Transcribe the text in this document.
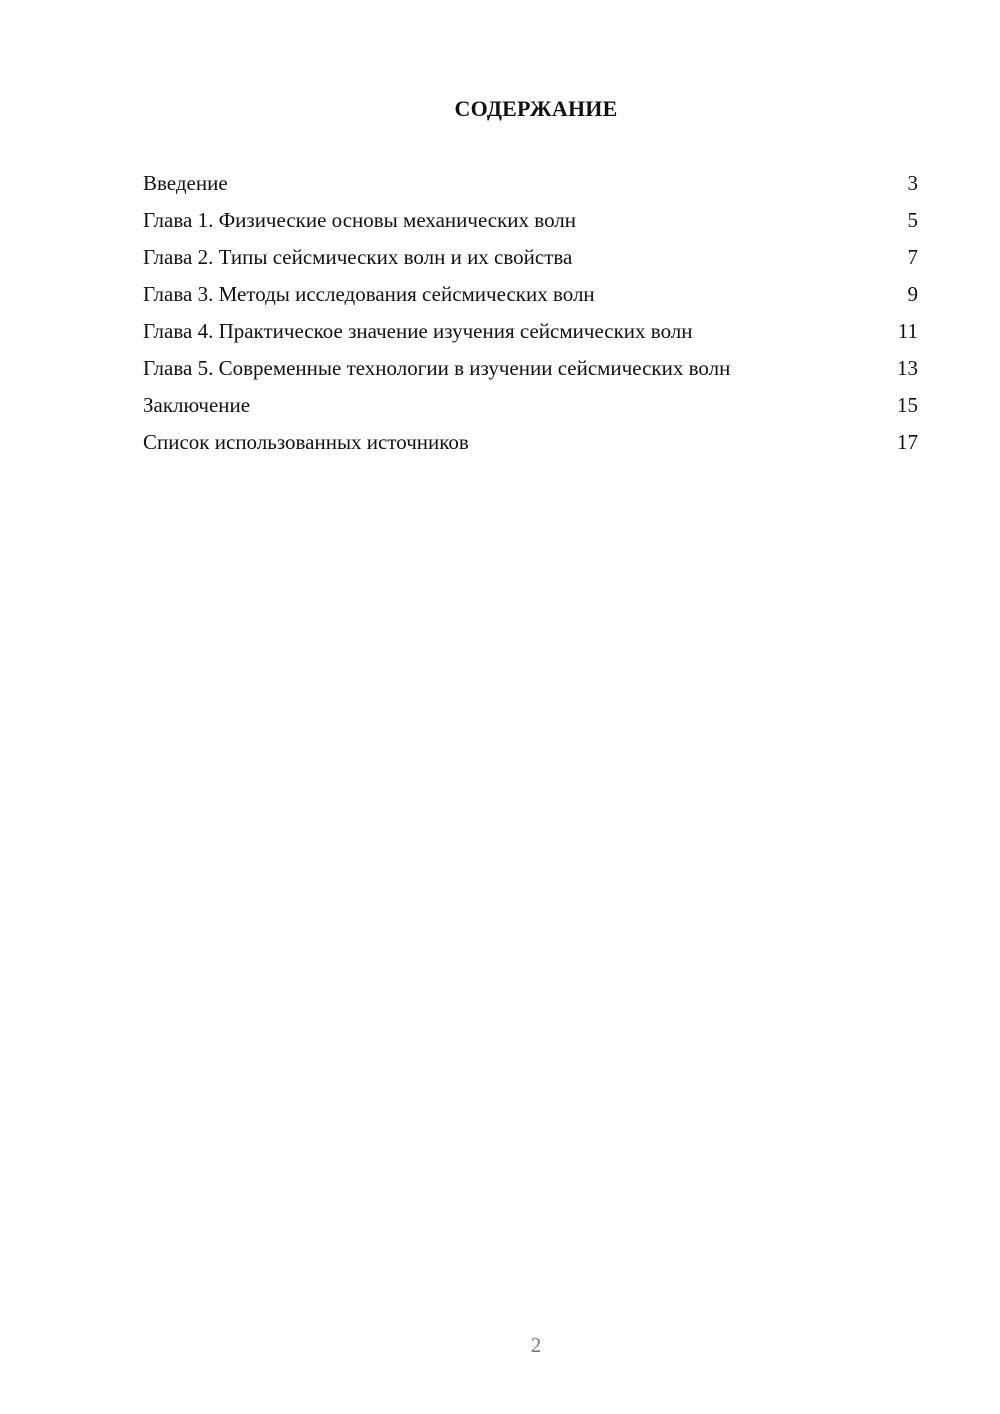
СОДЕРЖАНИЕ
Введение	3
Глава 1. Физические основы механических волн	5
Глава 2. Типы сейсмических волн и их свойства	7
Глава 3. Методы исследования сейсмических волн	9
Глава 4. Практическое значение изучения сейсмических волн	11
Глава 5. Современные технологии в изучении сейсмических волн	13
Заключение	15
Список использованных источников	17
2
